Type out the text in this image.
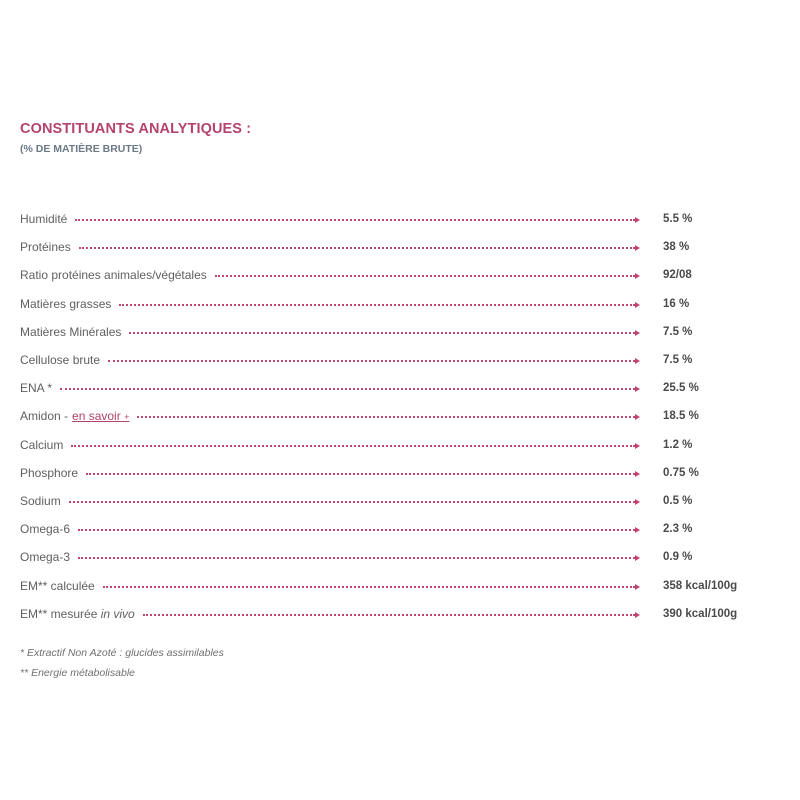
CONSTITUANTS ANALYTIQUES :
(% DE MATIÈRE BRUTE)
Humidité	5.5 %
Protéines	38 %
Ratio protéines animales/végétales	92/08
Matières grasses	16 %
Matières Minérales	7.5 %
Cellulose brute	7.5 %
ENA *	25.5 %
Amidon - en savoir +	18.5 %
Calcium	1.2 %
Phosphore	0.75 %
Sodium	0.5 %
Omega-6	2.3 %
Omega-3	0.9 %
EM** calculée	358 kcal/100g
EM** mesurée in vivo	390 kcal/100g
* Extractif Non Azoté : glucides assimilables
** Energie métabolisable
